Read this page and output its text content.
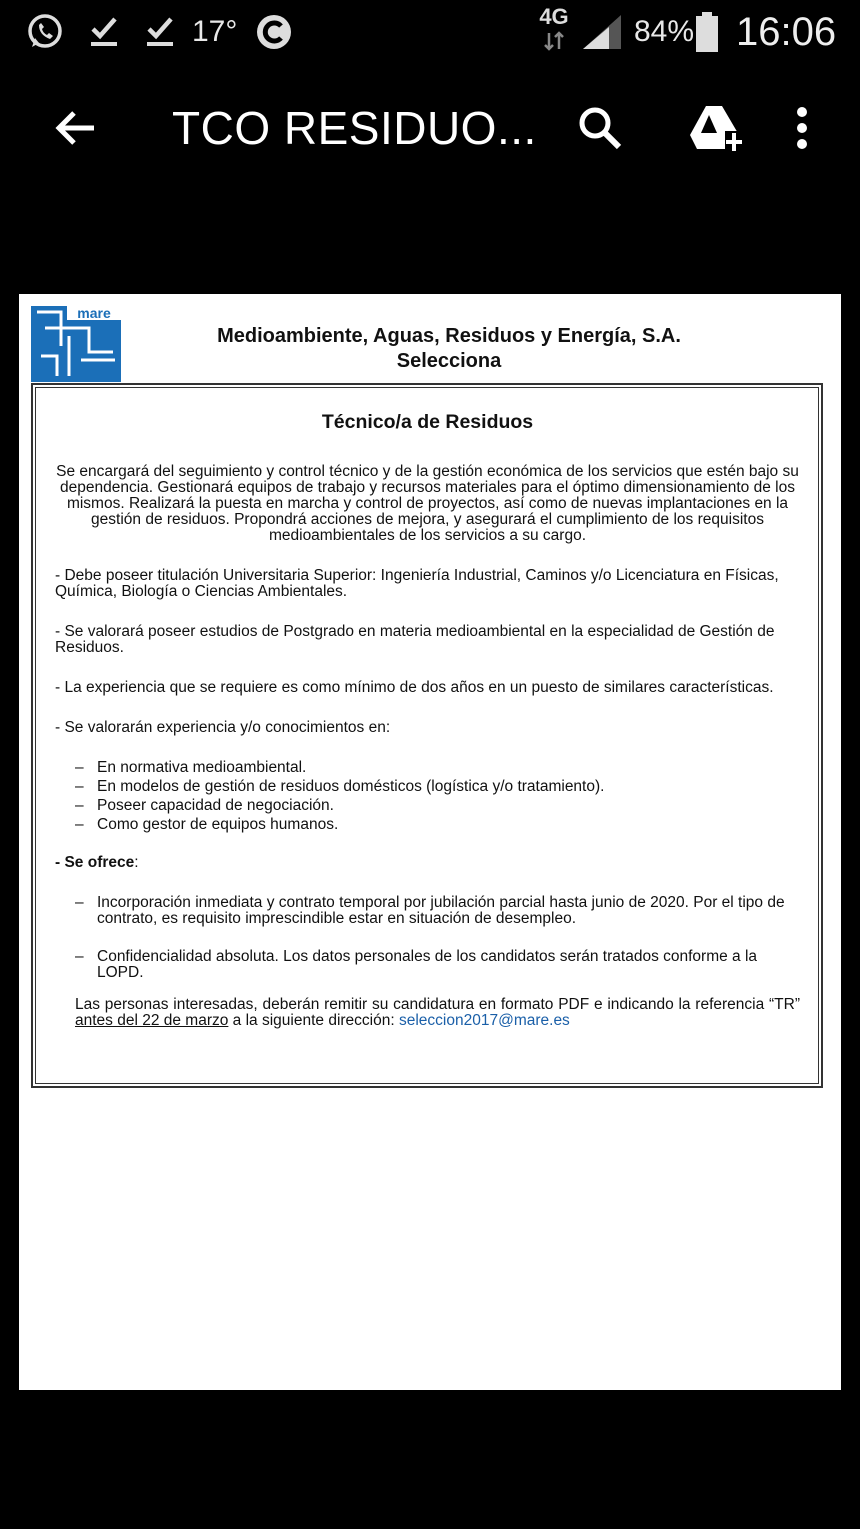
17°	4G 84% 16:06
TCO RESIDUO...
mare
Medioambiente, Aguas, Residuos y Energía, S.A.
Selecciona
Técnico/a de Residuos

Se encargará del seguimiento y control técnico y de la gestión económica de los servicios que estén bajo su dependencia. Gestionará equipos de trabajo y recursos materiales para el óptimo dimensionamiento de los mismos. Realizará la puesta en marcha y control de proyectos, así como de nuevas implantaciones en la gestión de residuos. Propondrá acciones de mejora, y asegurará el cumplimiento de los requisitos medioambientales de los servicios a su cargo.

- Debe poseer titulación Universitaria Superior: Ingeniería Industrial, Caminos y/o Licenciatura en Físicas, Química, Biología o Ciencias Ambientales.

- Se valorará poseer estudios de Postgrado en materia medioambiental en la especialidad de Gestión de Residuos.

- La experiencia que se requiere es como mínimo de dos años en un puesto de similares características.

- Se valorarán experiencia y/o conocimientos en:

– En normativa medioambiental.
– En modelos de gestión de residuos domésticos (logística y/o tratamiento).
– Poseer capacidad de negociación.
– Como gestor de equipos humanos.

- Se ofrece:

– Incorporación inmediata y contrato temporal por jubilación parcial hasta junio de 2020. Por el tipo de contrato, es requisito imprescindible estar en situación de desempleo.
– Confidencialidad absoluta. Los datos personales de los candidatos serán tratados conforme a la LOPD.

Las personas interesadas, deberán remitir su candidatura en formato PDF e indicando la referencia “TR” antes del 22 de marzo a la siguiente dirección: seleccion2017@mare.es
